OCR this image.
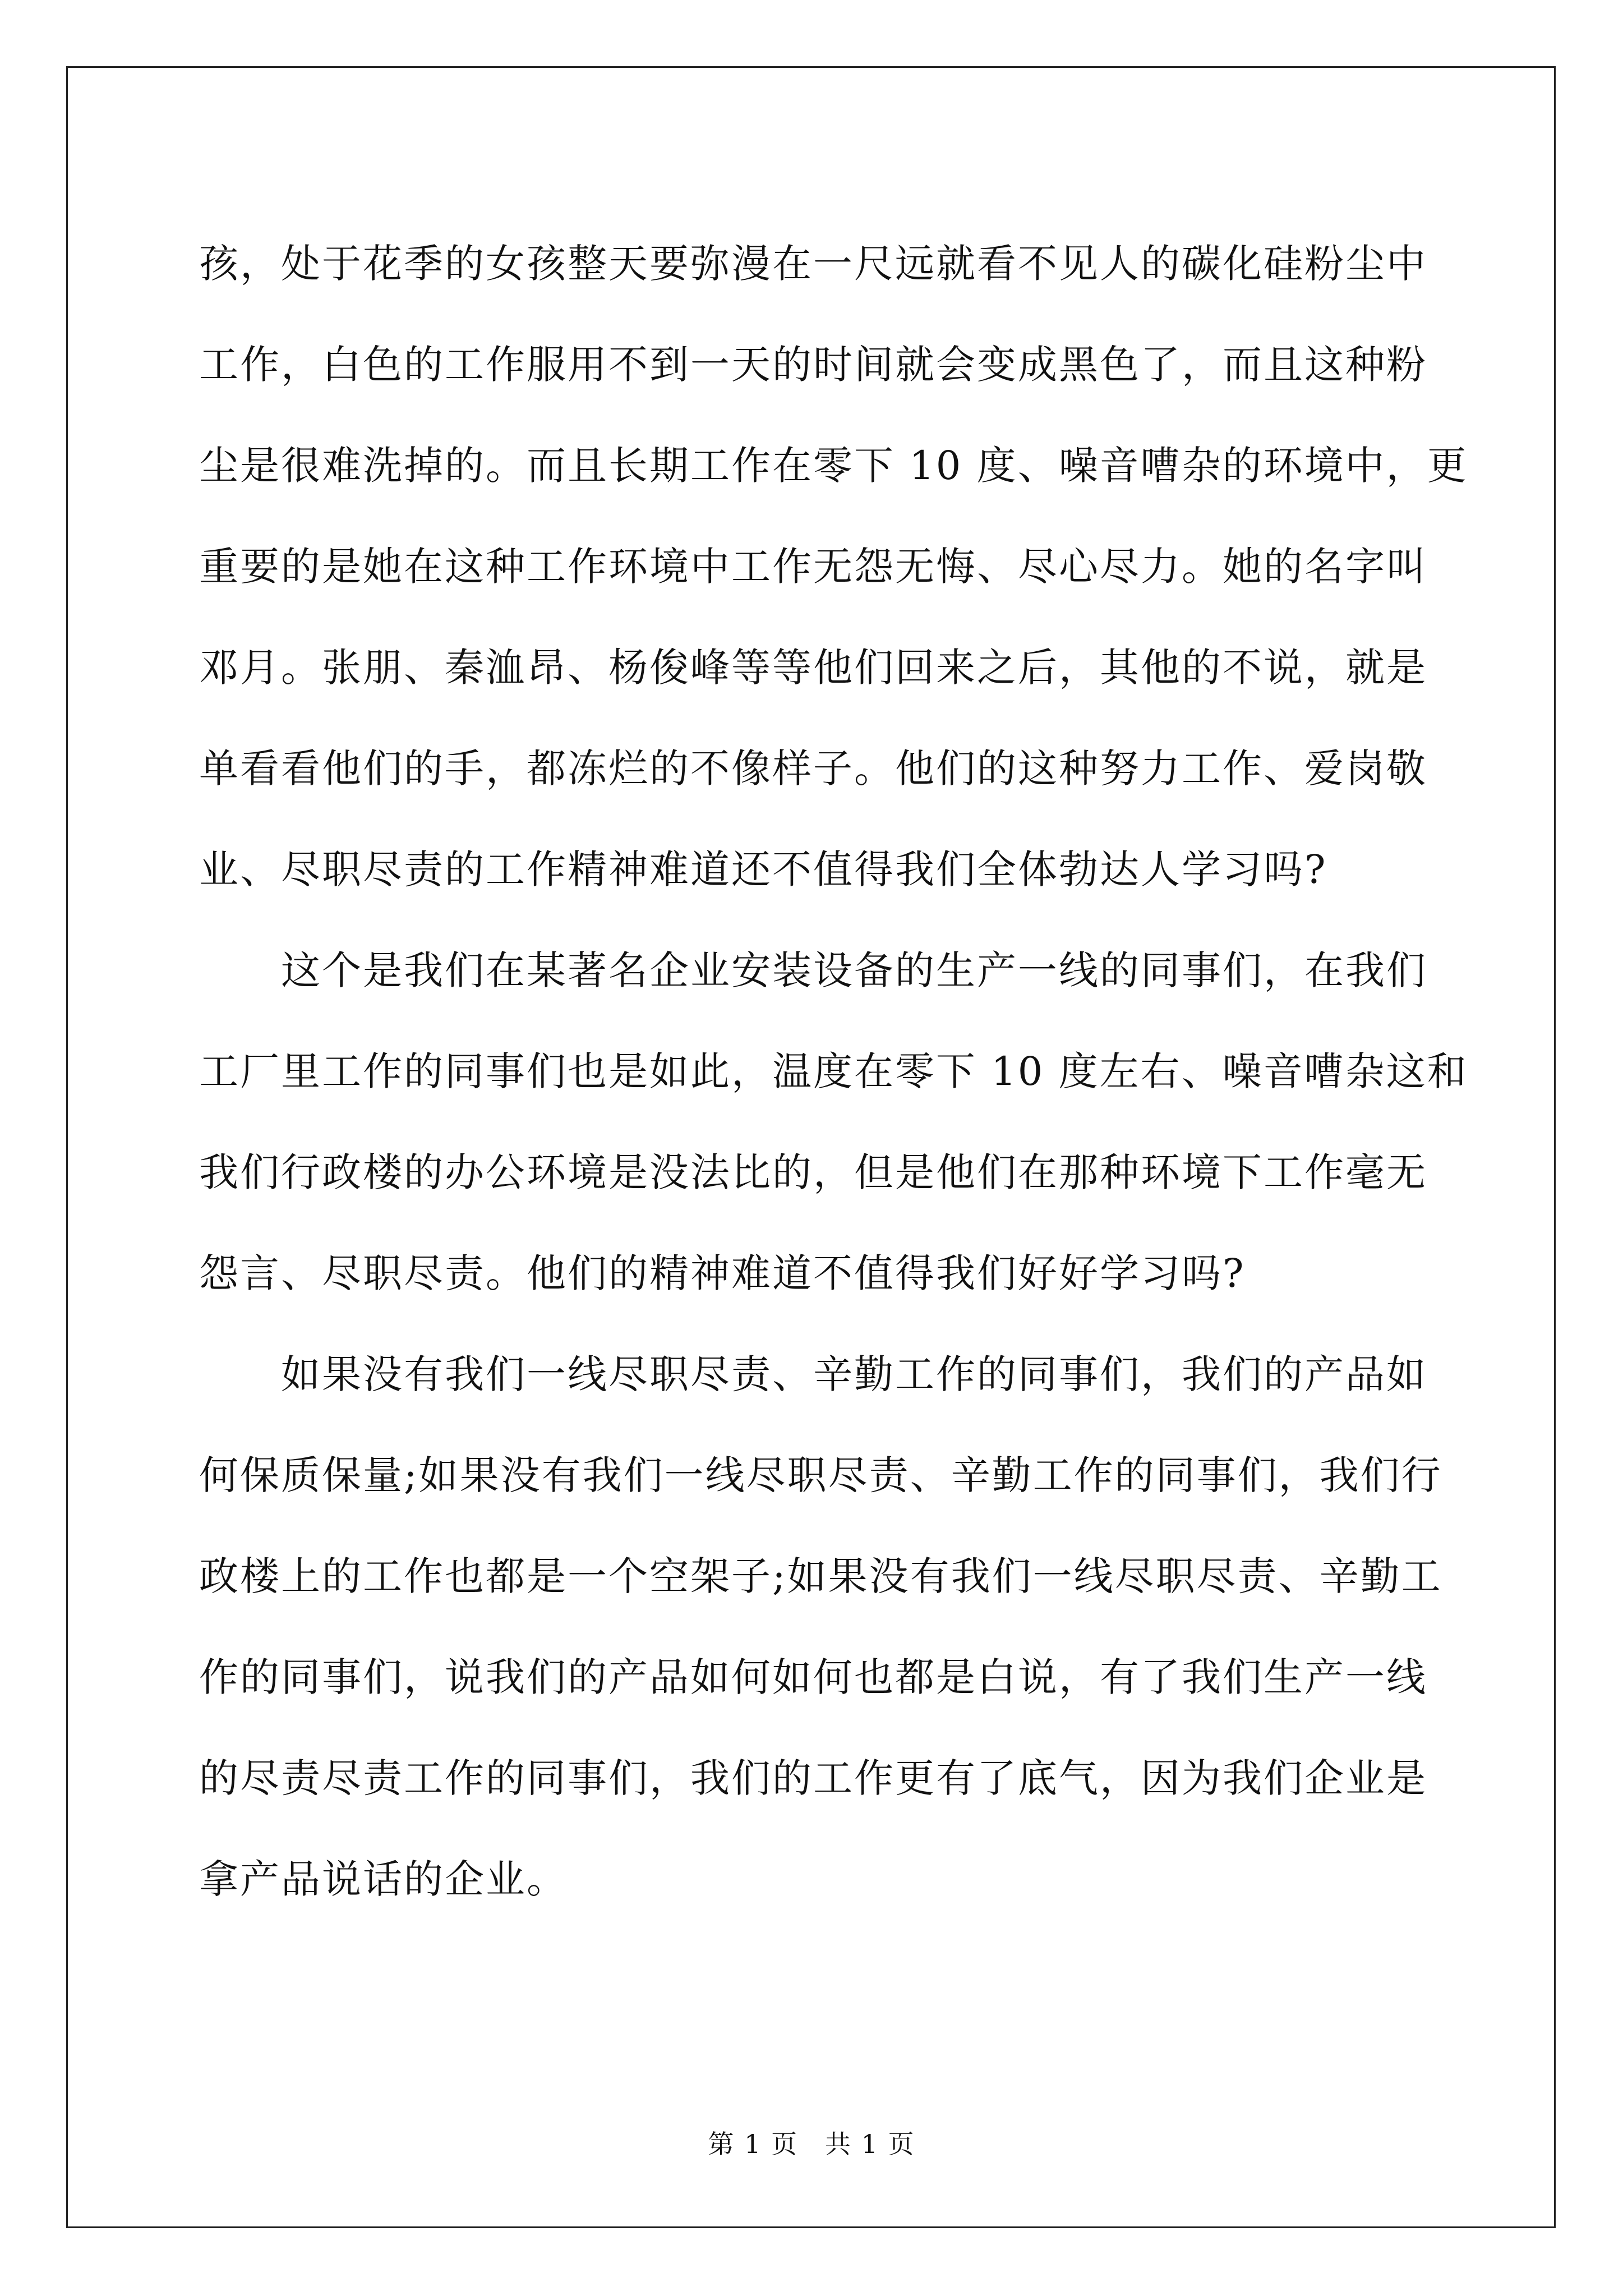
孩，处于花季的女孩整天要弥漫在一尺远就看不见人的碳化硅粉尘中
工作，白色的工作服用不到一天的时间就会变成黑色了，而且这种粉
尘是很难洗掉的。而且长期工作在零下 10 度、噪音嘈杂的环境中，更
重要的是她在这种工作环境中工作无怨无悔、尽心尽力。她的名字叫
邓月。张朋、秦洫昂、杨俊峰等等他们回来之后，其他的不说，就是
单看看他们的手，都冻烂的不像样子。他们的这种努力工作、爱岗敬
业、尽职尽责的工作精神难道还不值得我们全体勃达人学习吗?
　　这个是我们在某著名企业安装设备的生产一线的同事们，在我们
工厂里工作的同事们也是如此，温度在零下 10 度左右、噪音嘈杂这和
我们行政楼的办公环境是没法比的，但是他们在那种环境下工作毫无
怨言、尽职尽责。他们的精神难道不值得我们好好学习吗?
　　如果没有我们一线尽职尽责、辛勤工作的同事们，我们的产品如
何保质保量;如果没有我们一线尽职尽责、辛勤工作的同事们，我们行
政楼上的工作也都是一个空架子;如果没有我们一线尽职尽责、辛勤工
作的同事们，说我们的产品如何如何也都是白说，有了我们生产一线
的尽责尽责工作的同事们，我们的工作更有了底气，因为我们企业是
拿产品说话的企业。
第 1 页 共 1 页
